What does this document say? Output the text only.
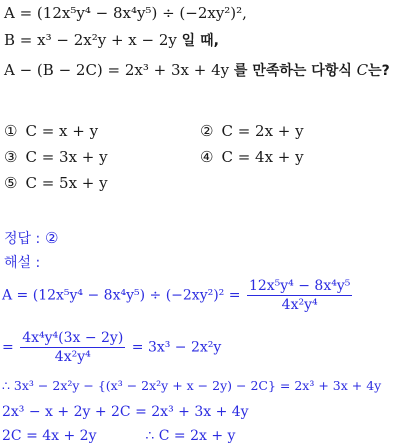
A = (12x⁵y⁴ − 8x⁴y⁵) ÷ (−2xy²)²,
B = x³ − 2x²y + x − 2y 일 때,
A − (B − 2C) = 2x³ + 3x + 4y 를 만족하는 다항식 C는?
① C = x + y	② C = 2x + y
③ C = 3x + y	④ C = 4x + y
⑤ C = 5x + y
정답 : ②
해설 :
$A = (12x^5y^4 - 8x^4y^5) \div (-2xy^2)^2 = \frac{\text{12x⁵y⁴ − 8x⁴y⁵}}{\text{4x²y⁴}}$
= $\frac{\text{4x⁴y⁴(3x − 2y)}}{\text{4x²y⁴}} = 3x^3 - 2x^2y$
∴ 3x³ − 2x²y − {(x³ − 2x²y + x − 2y) − 2C} = 2x³ + 3x + 4y
2x³ − x + 2y + 2C = 2x³ + 3x + 4y
2C = 4x + 2y	∴ C = 2x + y
